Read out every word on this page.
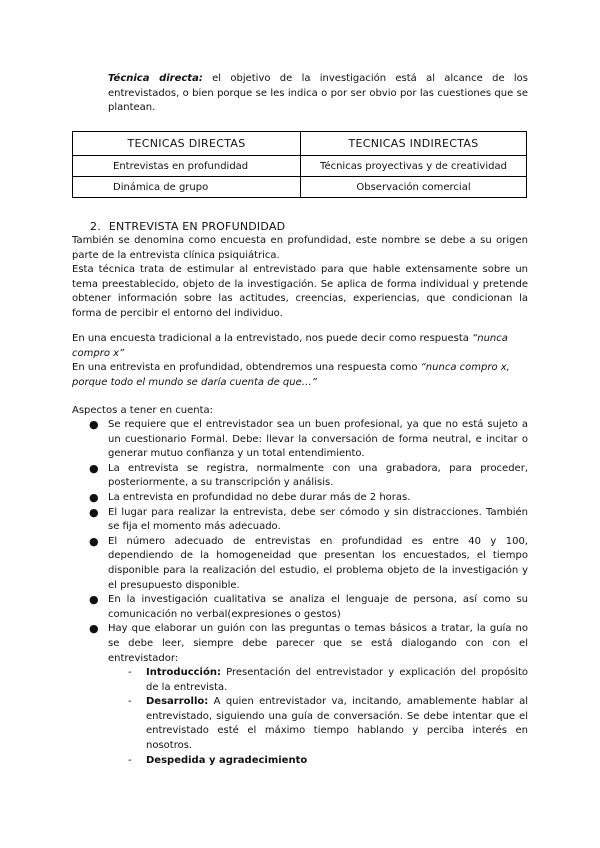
Técnica directa: el objetivo de la investigación está al alcance de los entrevistados, o bien porque se les indica o por ser obvio por las cuestiones que se plantean.

TECNICAS DIRECTAS	TECNICAS INDIRECTAS
Entrevistas en profundidad	Técnicas proyectivas y de creatividad
Dinámica de grupo	Observación comercial
2. ENTREVISTA EN PROFUNDIDAD

También se denomina como encuesta en profundidad, este nombre se debe a su origen parte de la entrevista clínica psiquiátrica.

Esta técnica trata de estimular al entrevistado para que hable extensamente sobre un tema preestablecido, objeto de la investigación. Se aplica de forma individual y pretende obtener información sobre las actitudes, creencias, experiencias, que condicionan la forma de percibir el entorno del individuo.

En una encuesta tradicional a la entrevistado, nos puede decir como respuesta “nunca compro x”

En una entrevista en profundidad, obtendremos una respuesta como “nunca compro x, porque todo el mundo se daría cuenta de que…”

Aspectos a tener en cuenta:
● Se requiere que el entrevistador sea un buen profesional, ya que no está sujeto a un cuestionario Formal. Debe: llevar la conversación de forma neutral, e incitar o generar mutuo confianza y un total entendimiento.
● La entrevista se registra, normalmente con una grabadora, para proceder, posteriormente, a su transcripción y análisis.
● La entrevista en profundidad no debe durar más de 2 horas.
● El lugar para realizar la entrevista, debe ser cómodo y sin distracciones. También se fija el momento más adecuado.
● El número adecuado de entrevistas en profundidad es entre 40 y 100, dependiendo de la homogeneidad que presentan los encuestados, el tiempo disponible para la realización del estudio, el problema objeto de la investigación y el presupuesto disponible.
● En la investigación cualitativa se analiza el lenguaje de persona, así como su comunicación no verbal(expresiones o gestos)
● Hay que elaborar un guión con las preguntas o temas básicos a tratar, la guía no se debe leer, siempre debe parecer que se está dialogando con con el entrevistador:
- Introducción: Presentación del entrevistador y explicación del propósito de la entrevista.
- Desarrollo: A quien entrevistador va, incitando, amablemente hablar al entrevistado, siguiendo una guía de conversación. Se debe intentar que el entrevistado esté el máximo tiempo hablando y perciba interés en nosotros.
- Despedida y agradecimiento
